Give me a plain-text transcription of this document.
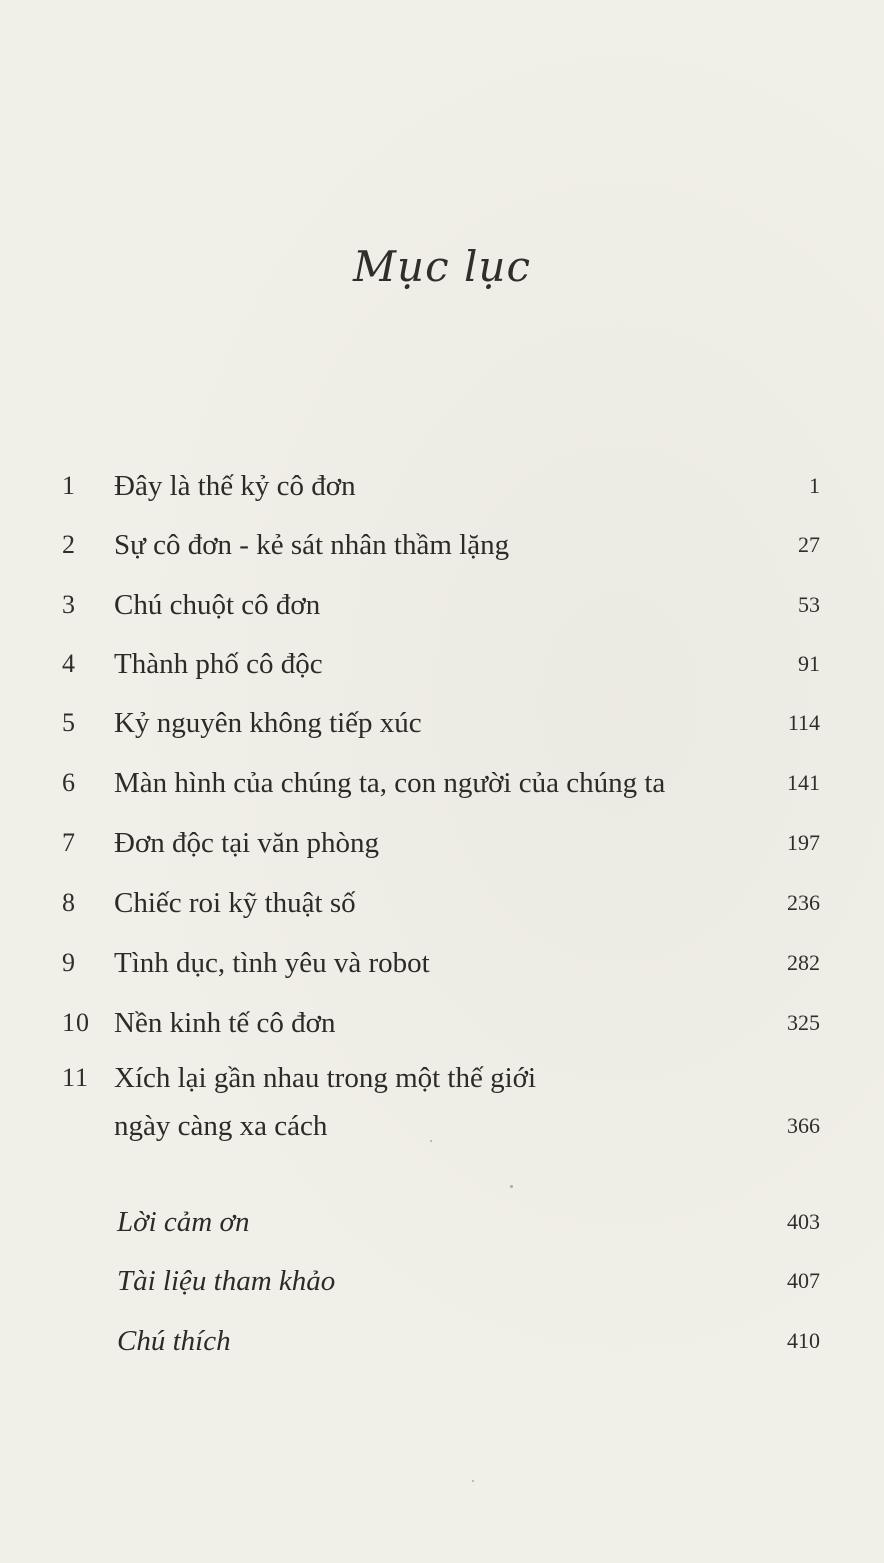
Mục lục
1	Đây là thế kỷ cô đơn	1
2	Sự cô đơn - kẻ sát nhân thầm lặng	27
3	Chú chuột cô đơn	53
4	Thành phố cô độc	91
5	Kỷ nguyên không tiếp xúc	114
6	Màn hình của chúng ta, con người của chúng ta	141
7	Đơn độc tại văn phòng	197
8	Chiếc roi kỹ thuật số	236
9	Tình dục, tình yêu và robot	282
10 Nền kinh tế cô đơn	325
11 Xích lại gần nhau trong một thế giới
ngày càng xa cách	366
Lời cảm ơn	403
Tài liệu tham khảo	407
Chú thích	410
